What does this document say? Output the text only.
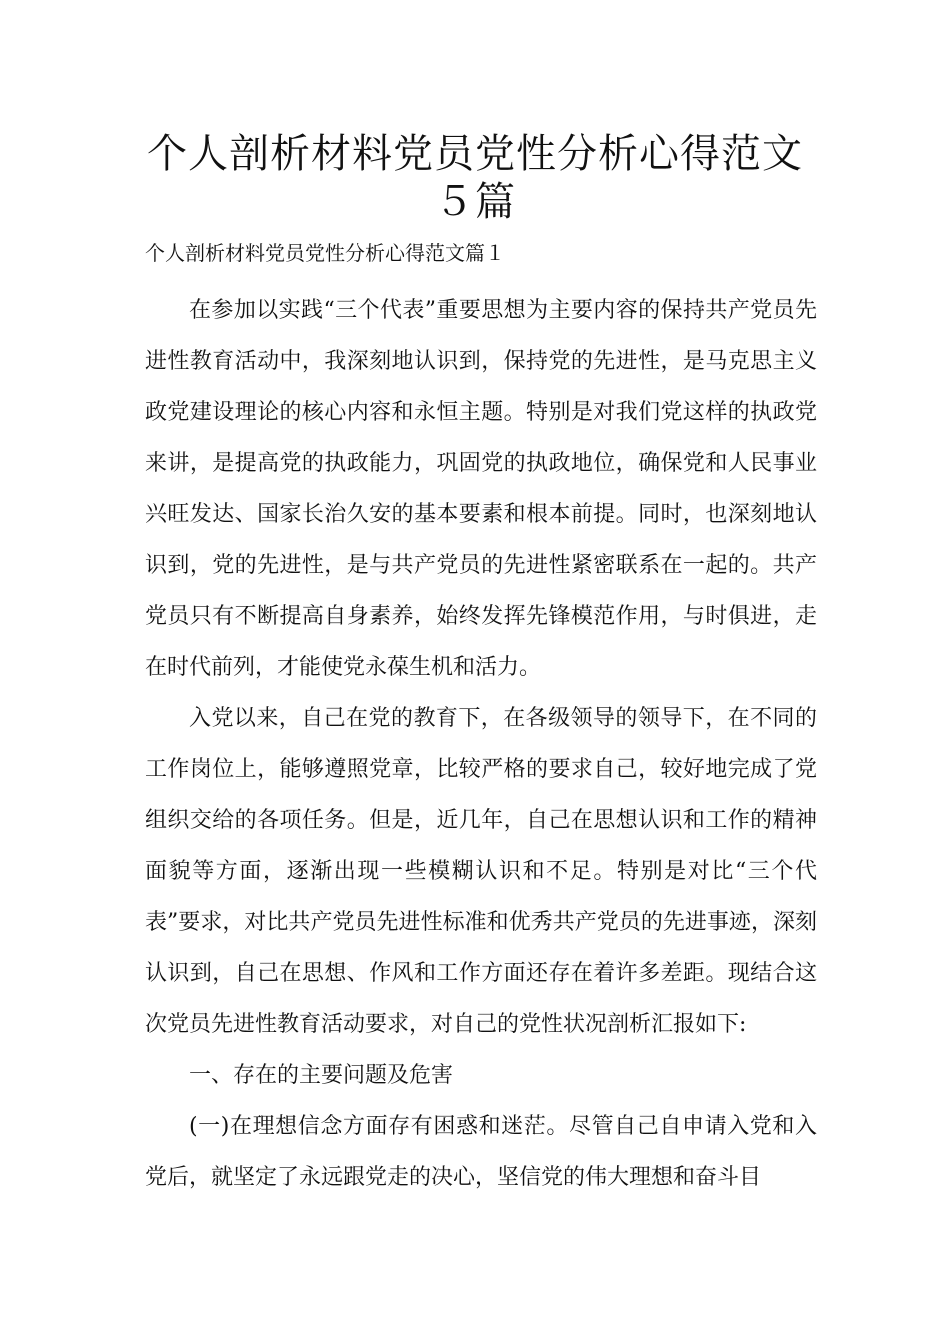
个人剖析材料党员党性分析心得范文５篇

个人剖析材料党员党性分析心得范文篇１

在参加以实践“三个代表”重要思想为主要内容的保持共产党员先进性教育活动中，我深刻地认识到，保持党的先进性，是马克思主义政党建设理论的核心内容和永恒主题。特别是对我们党这样的执政党来讲，是提高党的执政能力，巩固党的执政地位，确保党和人民事业兴旺发达、国家长治久安的基本要素和根本前提。同时，也深刻地认识到，党的先进性，是与共产党员的先进性紧密联系在一起的。共产党员只有不断提高自身素养，始终发挥先锋模范作用，与时俱进，走在时代前列，才能使党永葆生机和活力。

入党以来，自己在党的教育下，在各级领导的领导下，在不同的工作岗位上，能够遵照党章，比较严格的要求自己，较好地完成了党组织交给的各项任务。但是，近几年，自己在思想认识和工作的精神面貌等方面，逐渐出现一些模糊认识和不足。特别是对比“三个代表”要求，对比共产党员先进性标准和优秀共产党员的先进事迹，深刻认识到，自己在思想、作风和工作方面还存在着许多差距。现结合这次党员先进性教育活动要求，对自己的党性状况剖析汇报如下:

一、存在的主要问题及危害

(一)在理想信念方面存有困惑和迷茫。尽管自己自申请入党和入党后，就坚定了永远跟党走的决心，坚信党的伟大理想和奋斗目
